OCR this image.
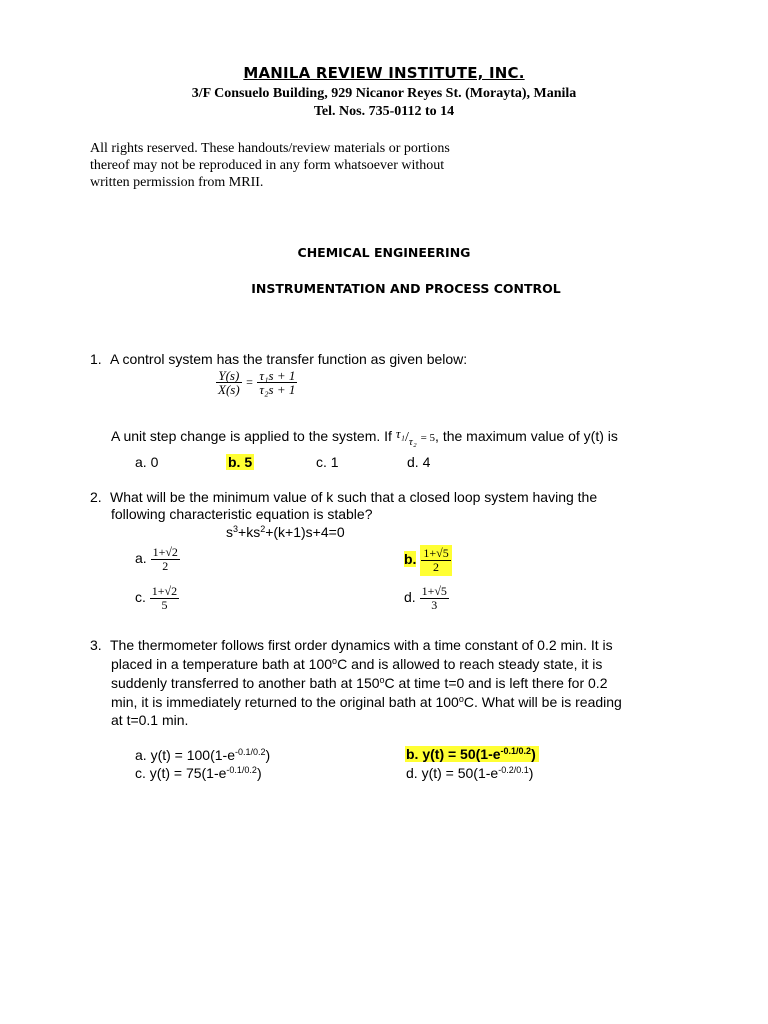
MANILA REVIEW INSTITUTE, INC.
3/F Consuelo Building, 929 Nicanor Reyes St. (Morayta), Manila
Tel. Nos. 735-0112 to 14
All rights reserved. These handouts/review materials or portions
thereof may not be reproduced in any form whatsoever without
written permission from MRII.
CHEMICAL ENGINEERING
INSTRUMENTATION AND PROCESS CONTROL
1. A control system has the transfer function as given below:
$\frac{Y(s)}{X(s)} = \frac{\text{τ₁s + 1}}{\text{τ₂s + 1}}$
A unit step change is applied to the system. If $\tau_1/_{\tau_2} = 5$, the maximum value of y(t) is
a. 0	b. 5	c. 1	d. 4
2. What will be the minimum value of k such that a closed loop system having the
following characteristic equation is stable?
$s^3+ks^2+(k+1)s+4=0$
a. $\frac{1+√2}{2}$	b. $\frac{1+√5}{2}$
c. $\frac{1+√2}{5}$	d. $\frac{1+√5}{3}$
3. The thermometer follows first order dynamics with a time constant of 0.2 min. It is
placed in a temperature bath at 100$^o$C and is allowed to reach steady state, it is
suddenly transferred to another bath at 150$^o$C at time t=0 and is left there for 0.2
min, it is immediately returned to the original bath at 100$^o$C. What will be is reading
at t=0.1 min.
a. $y(t) = 100(1-e^{-0.1/0.2})$	b. $y(t) = 50(1-e^{-0.1/0.2})$
c. $y(t) = 75(1-e^{-0.1/0.2})$	d. $y(t) = 50(1-e^{-0.2/0.1})$
